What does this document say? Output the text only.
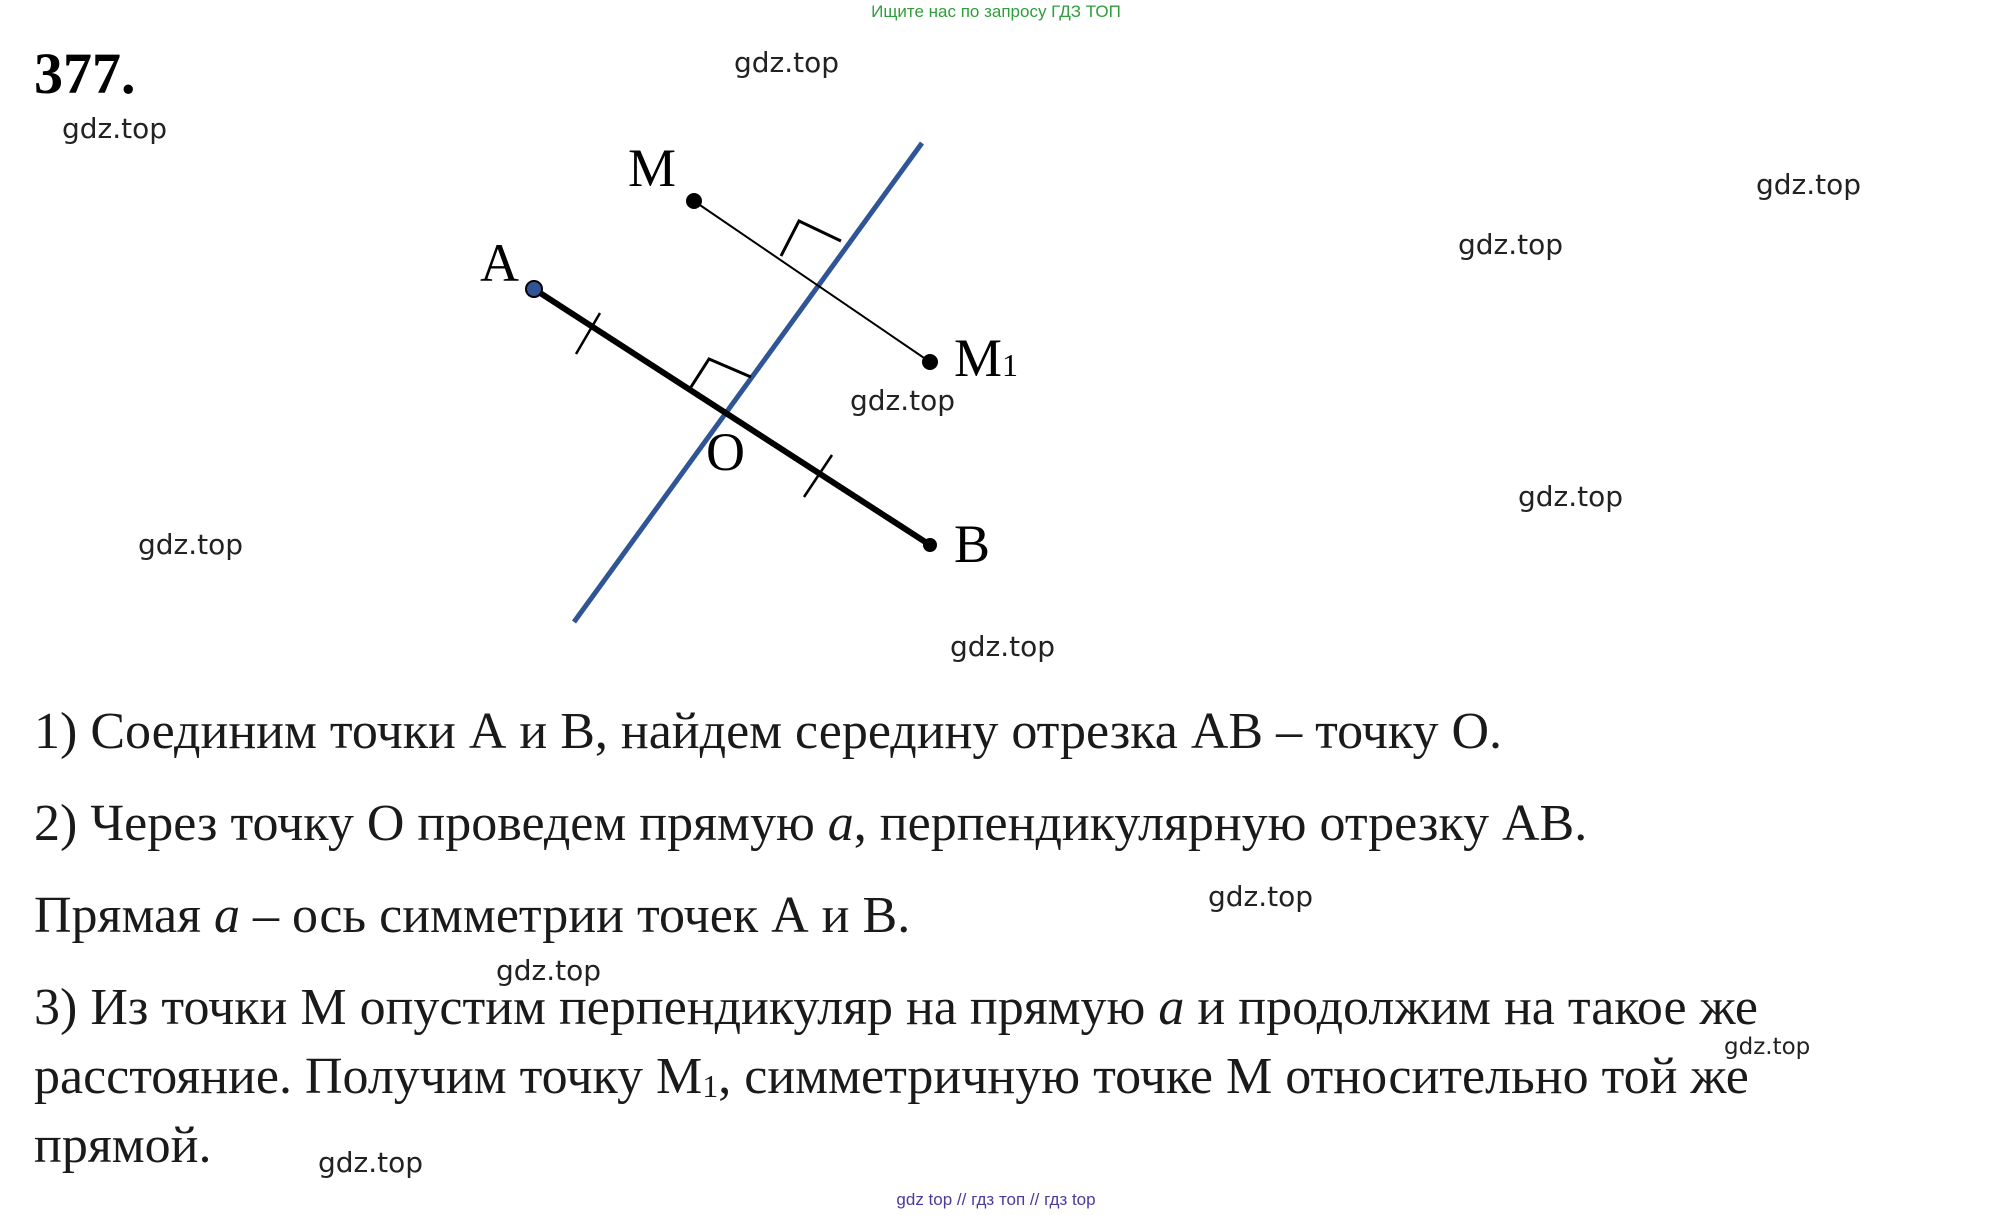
Ищите нас по запросу ГДЗ ТОП
377.	gdz.top
gdz.top
gdz.top
gdz.top
gdz.top
gdz.top
gdz.top
gdz.top
gdz.top
gdz.top
gdz.top
gdz.top
M
A
M1
O
B
1) Соединим точки А и В, найдем середину отрезка АВ – точку О.
2) Через точку О проведем прямую a, перпендикулярную отрезку АВ.
Прямая a – ось симметрии точек А и В.
3) Из точки М опустим перпендикуляр на прямую a и продолжим на такое же
расстояние. Получим точку $М_1$, симметричную точке М относительно той же
прямой.
gdz top // гдз топ // гдз top
